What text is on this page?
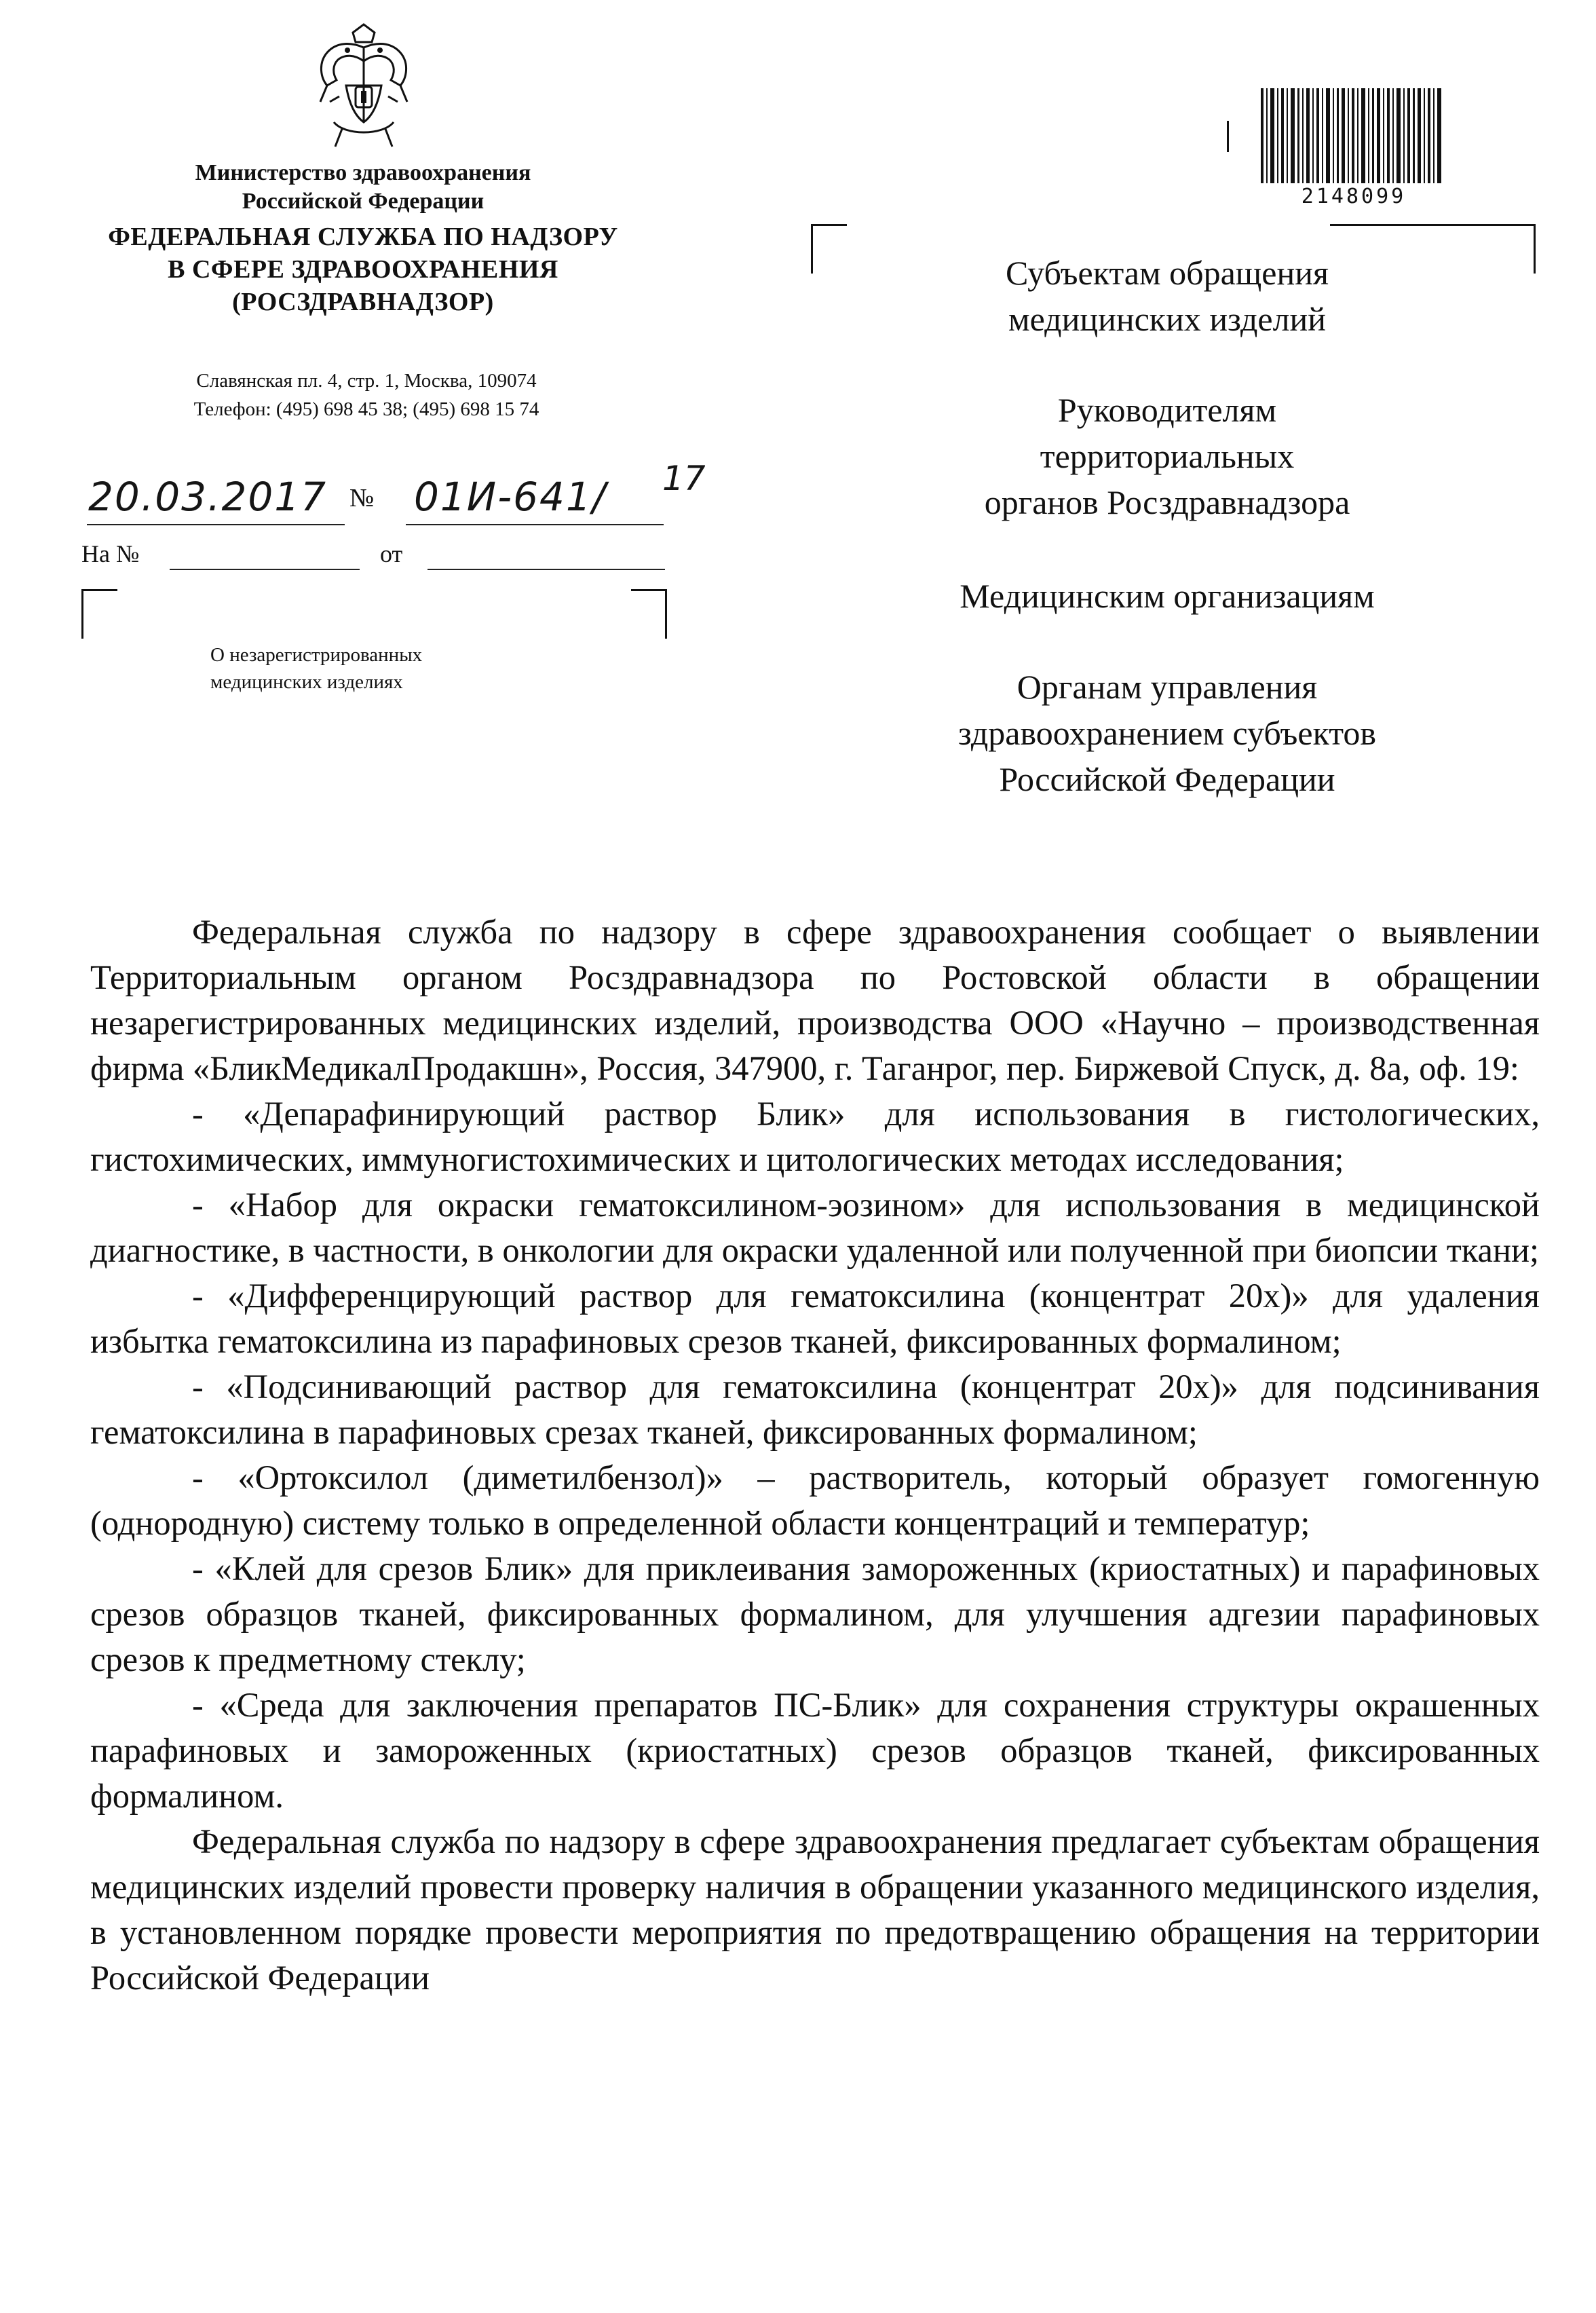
Министерство здравоохранения
Российской Федерации
ФЕДЕРАЛЬНАЯ СЛУЖБА ПО НАДЗОРУ
В СФЕРЕ ЗДРАВООХРАНЕНИЯ
(РОСЗДРАВНАДЗОР)
Славянская пл. 4, стр. 1, Москва, 109074
Телефон: (495) 698 45 38; (495) 698 15 74
20.03.2017 № 01И-641/ 17
На №	от
О незарегистрированных
медицинских изделиях
2148099
Субъектам обращения
медицинских изделий
Руководителям
территориальных
органов Росздравнадзора
Медицинским организациям
Органам управления
здравоохранением субъектов
Российской Федерации

Федеральная служба по надзору в сфере здравоохранения сообщает о выявлении Территориальным органом Росздравнадзора по Ростовской области в обращении незарегистрированных медицинских изделий, производства ООО «Научно – производственная фирма «БликМедикалПродакшн», Россия, 347900, г. Таганрог, пер. Биржевой Спуск, д. 8а, оф. 19:

- «Депарафинирующий раствор Блик» для использования в гистологических, гистохимических, иммуногистохимических и цитологических методах исследования;

- «Набор для окраски гематоксилином-эозином» для использования в медицинской диагностике, в частности, в онкологии для окраски удаленной или полученной при биопсии ткани;

- «Дифференцирующий раствор для гематоксилина (концентрат 20х)» для удаления избытка гематоксилина из парафиновых срезов тканей, фиксированных формалином;

- «Подсинивающий раствор для гематоксилина (концентрат 20х)» для подсинивания гематоксилина в парафиновых срезах тканей, фиксированных формалином;

- «Ортоксилол (диметилбензол)» – растворитель, который образует гомогенную (однородную) систему только в определенной области концентраций и температур;

- «Клей для срезов Блик» для приклеивания замороженных (криостатных) и парафиновых срезов образцов тканей, фиксированных формалином, для улучшения адгезии парафиновых срезов к предметному стеклу;

- «Среда для заключения препаратов ПС-Блик» для сохранения структуры окрашенных парафиновых и замороженных (криостатных) срезов образцов тканей, фиксированных формалином.

Федеральная служба по надзору в сфере здравоохранения предлагает субъектам обращения медицинских изделий провести проверку наличия в обращении указанного медицинского изделия, в установленном порядке провести мероприятия по предотвращению обращения на территории Российской Федерации
